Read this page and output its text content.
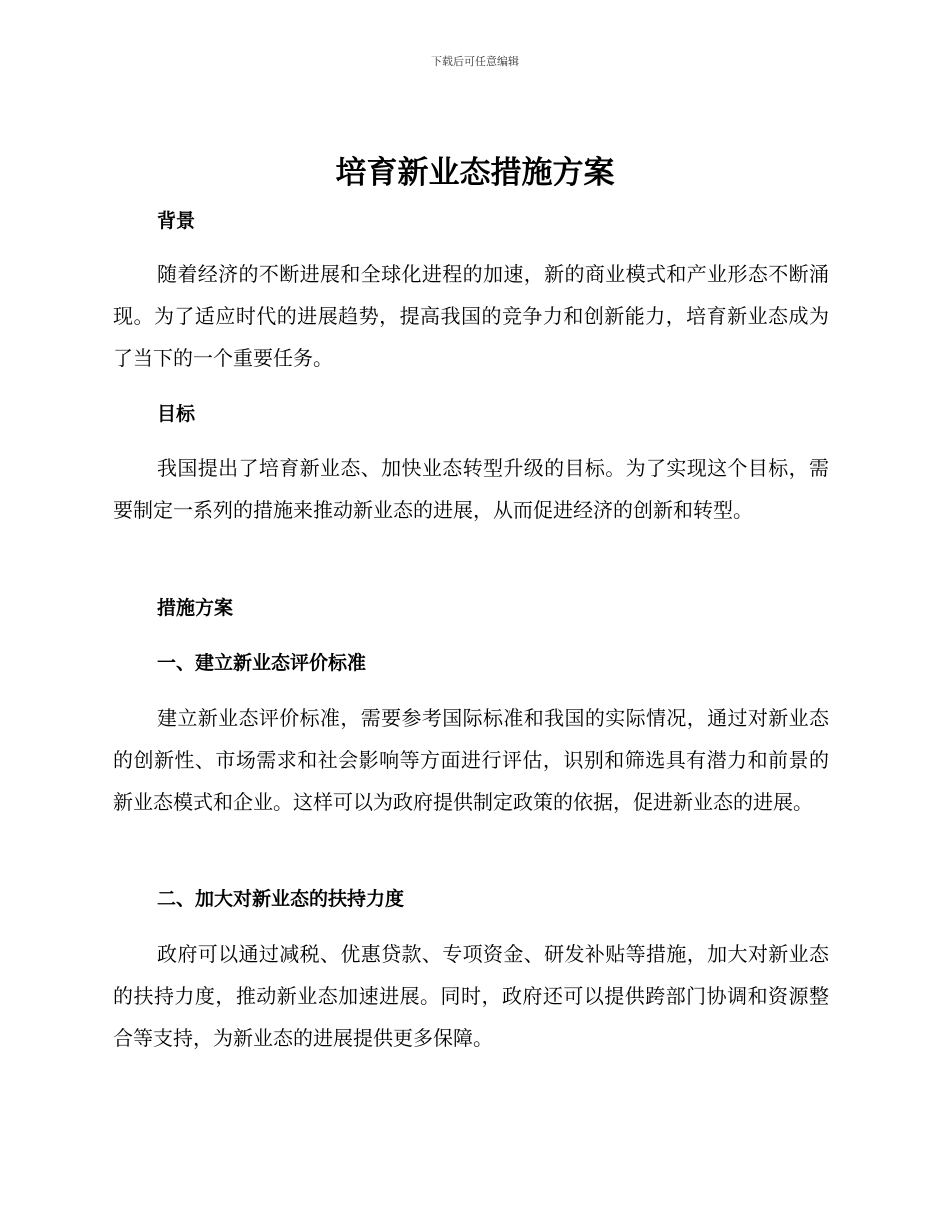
下载后可任意编辑
培育新业态措施方案
背景

随着经济的不断进展和全球化进程的加速，新的商业模式和产业形态不断涌现。为了适应时代的进展趋势，提高我国的竞争力和创新能力，培育新业态成为了当下的一个重要任务。

目标

我国提出了培育新业态、加快业态转型升级的目标。为了实现这个目标，需要制定一系列的措施来推动新业态的进展，从而促进经济的创新和转型。

措施方案
一、建立新业态评价标准

建立新业态评价标准，需要参考国际标准和我国的实际情况，通过对新业态的创新性、市场需求和社会影响等方面进行评估，识别和筛选具有潜力和前景的新业态模式和企业。这样可以为政府提供制定政策的依据，促进新业态的进展。

二、加大对新业态的扶持力度

政府可以通过减税、优惠贷款、专项资金、研发补贴等措施，加大对新业态的扶持力度，推动新业态加速进展。同时，政府还可以提供跨部门协调和资源整合等支持，为新业态的进展提供更多保障。
